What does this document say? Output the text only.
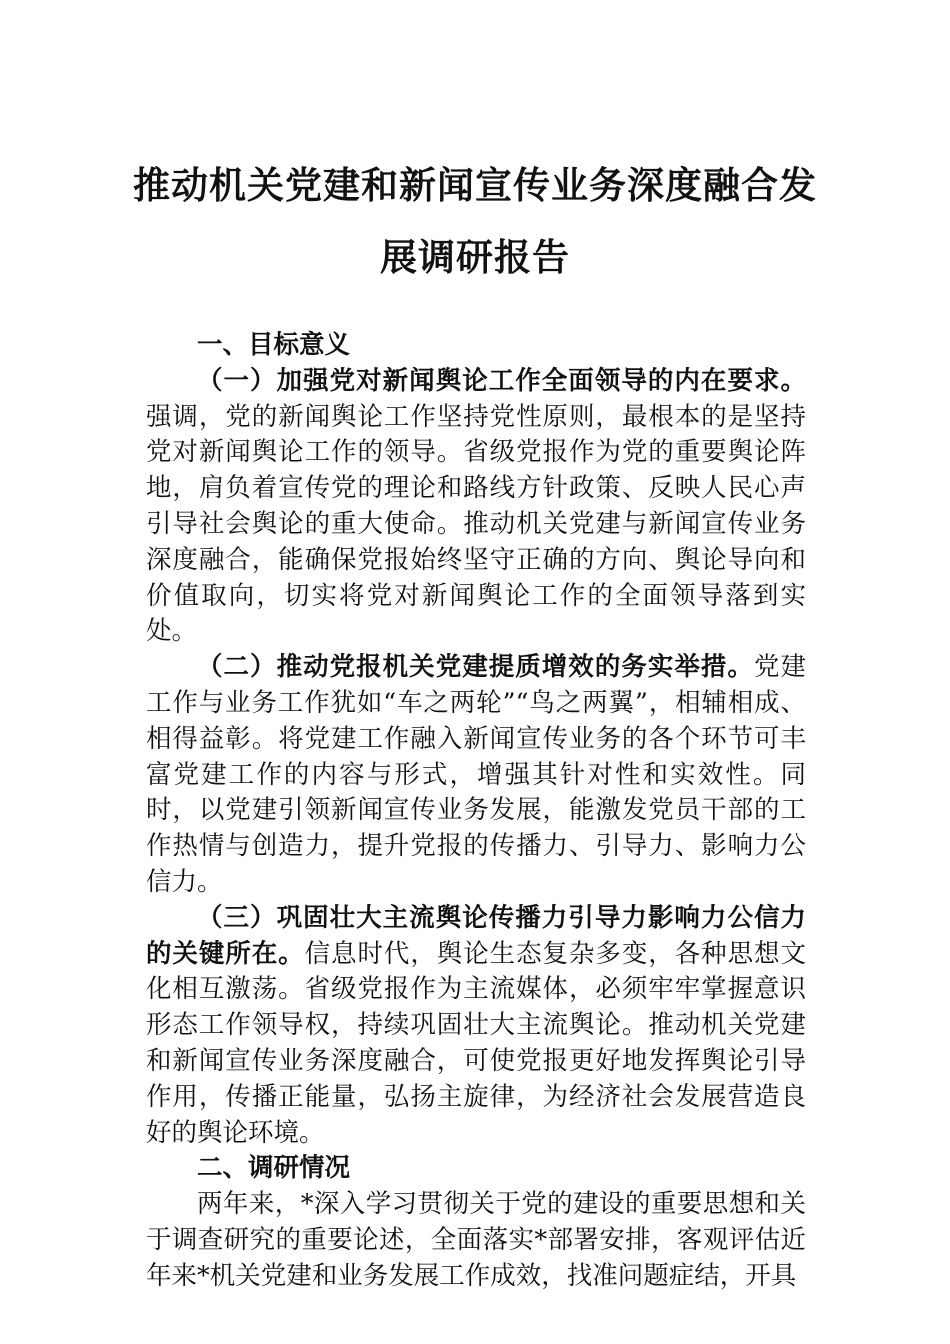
推动机关党建和新闻宣传业务深度融合发
展调研报告

一、目标意义

（一）加强党对新闻舆论工作全面领导的内在要求。强调，党的新闻舆论工作坚持党性原则，最根本的是坚持党对新闻舆论工作的领导。省级党报作为党的重要舆论阵地，肩负着宣传党的理论和路线方针政策、反映人民心声引导社会舆论的重大使命。推动机关党建与新闻宣传业务深度融合，能确保党报始终坚守正确的方向、舆论导向和价值取向，切实将党对新闻舆论工作的全面领导落到实处。

（二）推动党报机关党建提质增效的务实举措。党建工作与业务工作犹如“车之两轮”“鸟之两翼”，相辅相成、相得益彰。将党建工作融入新闻宣传业务的各个环节可丰富党建工作的内容与形式，增强其针对性和实效性。同时，以党建引领新闻宣传业务发展，能激发党员干部的工作热情与创造力，提升党报的传播力、引导力、影响力公信力。

（三）巩固壮大主流舆论传播力引导力影响力公信力的关键所在。信息时代，舆论生态复杂多变，各种思想文化相互激荡。省级党报作为主流媒体，必须牢牢掌握意识形态工作领导权，持续巩固壮大主流舆论。推动机关党建和新闻宣传业务深度融合，可使党报更好地发挥舆论引导作用，传播正能量，弘扬主旋律，为经济社会发展营造良好的舆论环境。

二、调研情况

两年来，*深入学习贯彻关于党的建设的重要思想和关于调查研究的重要论述，全面落实*部署安排，客观评估近年来*机关党建和业务发展工作成效，找准问题症结，开具
